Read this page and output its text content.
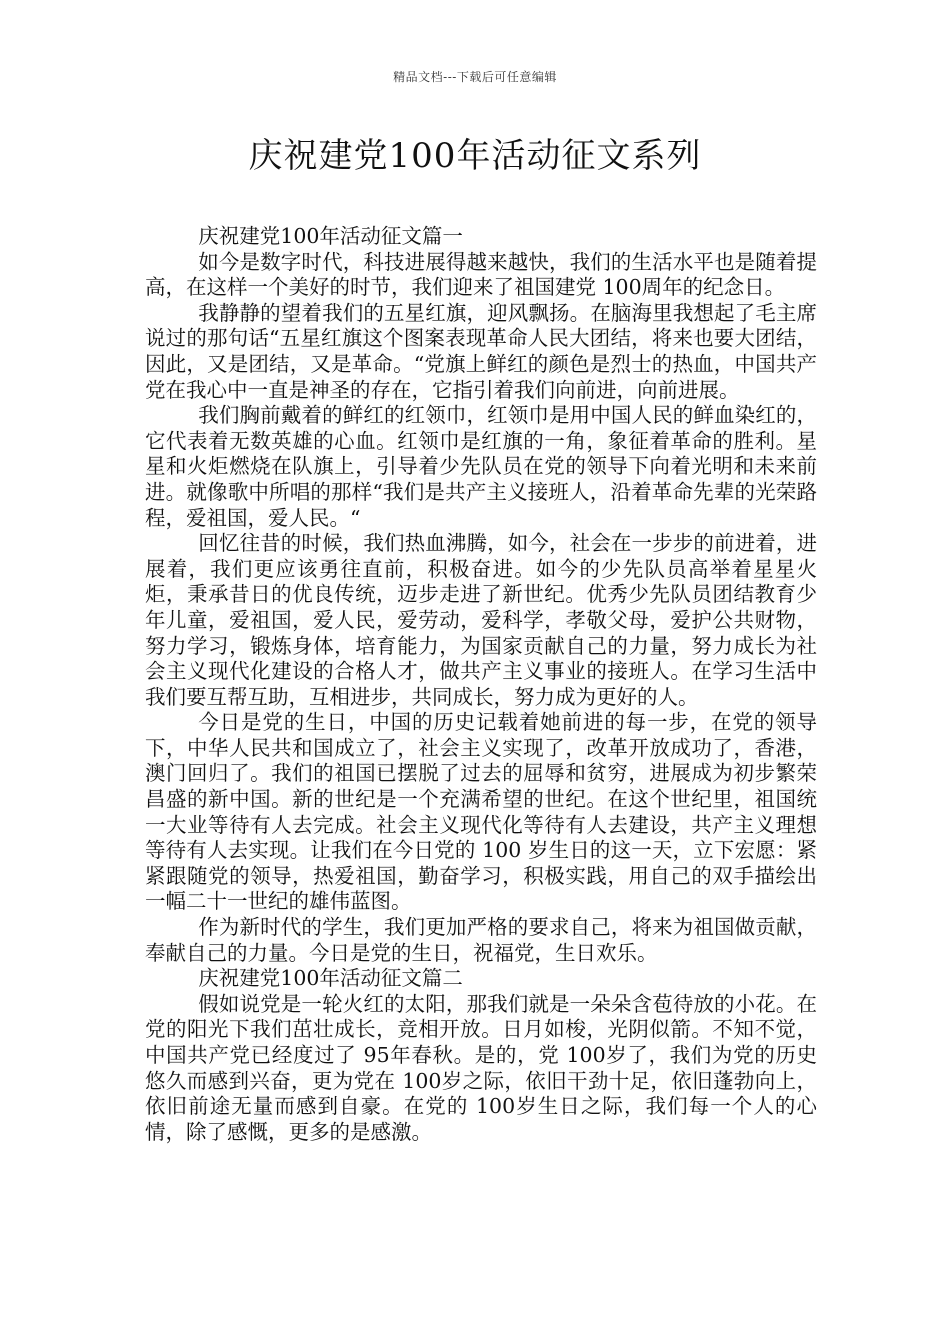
精品文档---下载后可任意编辑
庆祝建党100年活动征文系列

庆祝建党100年活动征文篇一

如今是数字时代，科技进展得越来越快，我们的生活水平也是随着提高，在这样一个美好的时节，我们迎来了祖国建党 100周年的纪念日。

我静静的望着我们的五星红旗，迎风飘扬。在脑海里我想起了毛主席说过的那句话“五星红旗这个图案表现革命人民大团结，将来也要大团结，因此，又是团结，又是革命。“党旗上鲜红的颜色是烈士的热血，中国共产党在我心中一直是神圣的存在，它指引着我们向前进，向前进展。

我们胸前戴着的鲜红的红领巾，红领巾是用中国人民的鲜血染红的，它代表着无数英雄的心血。红领巾是红旗的一角，象征着革命的胜利。星星和火炬燃烧在队旗上，引导着少先队员在党的领导下向着光明和未来前进。就像歌中所唱的那样“我们是共产主义接班人，沿着革命先辈的光荣路程，爱祖国，爱人民。“

回忆往昔的时候，我们热血沸腾，如今，社会在一步步的前进着，进展着，我们更应该勇往直前，积极奋进。如今的少先队员高举着星星火炬，秉承昔日的优良传统，迈步走进了新世纪。优秀少先队员团结教育少年儿童，爱祖国，爱人民，爱劳动，爱科学，孝敬父母，爱护公共财物，努力学习，锻炼身体，培育能力，为国家贡献自己的力量，努力成长为社会主义现代化建设的合格人才，做共产主义事业的接班人。在学习生活中我们要互帮互助，互相进步，共同成长，努力成为更好的人。

今日是党的生日，中国的历史记载着她前进的每一步，在党的领导下，中华人民共和国成立了，社会主义实现了，改革开放成功了，香港，澳门回归了。我们的祖国已摆脱了过去的屈辱和贫穷，进展成为初步繁荣昌盛的新中国。新的世纪是一个充满希望的世纪。在这个世纪里，祖国统一大业等待有人去完成。社会主义现代化等待有人去建设，共产主义理想等待有人去实现。让我们在今日党的 100 岁生日的这一天，立下宏愿：紧紧跟随党的领导，热爱祖国，勤奋学习，积极实践，用自己的双手描绘出一幅二十一世纪的雄伟蓝图。

作为新时代的学生，我们更加严格的要求自己，将来为祖国做贡献，奉献自己的力量。今日是党的生日，祝福党，生日欢乐。

庆祝建党100年活动征文篇二

假如说党是一轮火红的太阳，那我们就是一朵朵含苞待放的小花。在党的阳光下我们茁壮成长，竞相开放。日月如梭，光阴似箭。不知不觉，中国共产党已经度过了 95年春秋。是的，党 100岁了，我们为党的历史悠久而感到兴奋，更为党在 100岁之际，依旧干劲十足，依旧蓬勃向上，依旧前途无量而感到自豪。在党的 100岁生日之际，我们每一个人的心情，除了感慨，更多的是感激。
